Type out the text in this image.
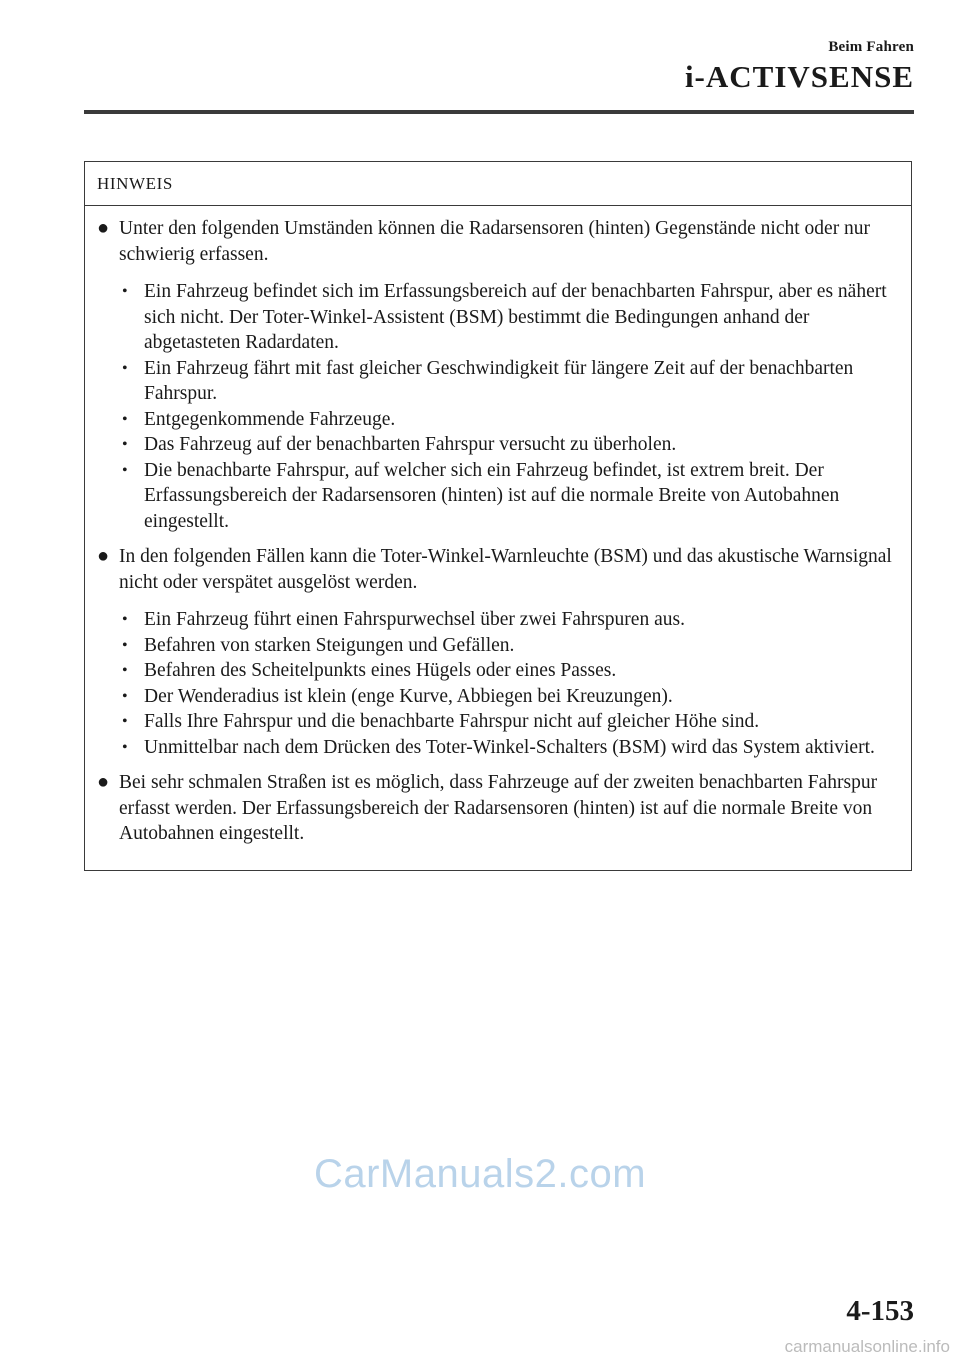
Beim Fahren
i-ACTIVSENSE
HINWEIS
● Unter den folgenden Umständen können die Radarsensoren (hinten) Gegenstände nicht oder nur schwierig erfassen.
• Ein Fahrzeug befindet sich im Erfassungsbereich auf der benachbarten Fahrspur, aber es nähert sich nicht. Der Toter-Winkel-Assistent (BSM) bestimmt die Bedingungen anhand der abgetasteten Radardaten.
• Ein Fahrzeug fährt mit fast gleicher Geschwindigkeit für längere Zeit auf der benachbarten Fahrspur.
• Entgegenkommende Fahrzeuge.
• Das Fahrzeug auf der benachbarten Fahrspur versucht zu überholen.
• Die benachbarte Fahrspur, auf welcher sich ein Fahrzeug befindet, ist extrem breit. Der Erfassungsbereich der Radarsensoren (hinten) ist auf die normale Breite von Autobahnen eingestellt.
● In den folgenden Fällen kann die Toter-Winkel-Warnleuchte (BSM) und das akustische Warnsignal nicht oder verspätet ausgelöst werden.
• Ein Fahrzeug führt einen Fahrspurwechsel über zwei Fahrspuren aus.
• Befahren von starken Steigungen und Gefällen.
• Befahren des Scheitelpunkts eines Hügels oder eines Passes.
• Der Wenderadius ist klein (enge Kurve, Abbiegen bei Kreuzungen).
• Falls Ihre Fahrspur und die benachbarte Fahrspur nicht auf gleicher Höhe sind.
• Unmittelbar nach dem Drücken des Toter-Winkel-Schalters (BSM) wird das System aktiviert.
● Bei sehr schmalen Straßen ist es möglich, dass Fahrzeuge auf der zweiten benachbarten Fahrspur erfasst werden. Der Erfassungsbereich der Radarsensoren (hinten) ist auf die normale Breite von Autobahnen eingestellt.
CarManuals2.com
4-153
carmanualsonline.info
